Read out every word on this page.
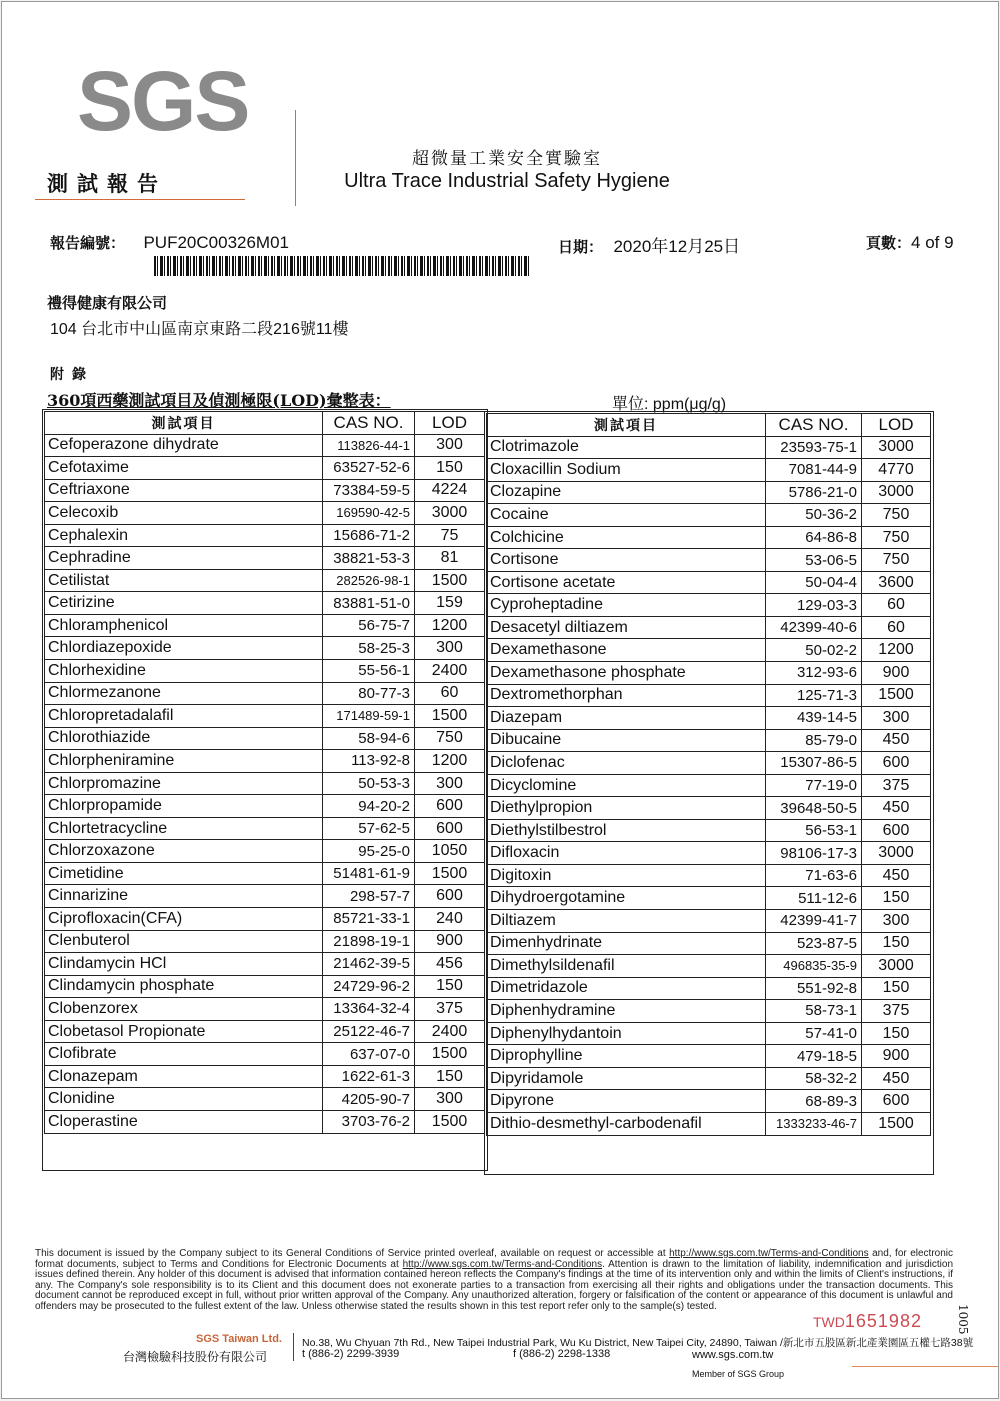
SGS
測試報告
超微量工業安全實驗室
Ultra Trace Industrial Safety Hygiene
報告編號： PUF20C00326M01	日期： 2020年12月25日	頁數：4 of 9
禮得健康有限公司
104 台北市中山區南京東路二段216號11樓
附錄
360項西藥測試項目及偵測極限(LOD)彙整表：	單位: ppm(μg/g)
測試項目	CAS NO.	LOD
Cefoperazone dihydrate	113826-44-1	300
Cefotaxime	63527-52-6	150
Ceftriaxone	73384-59-5	4224
Celecoxib	169590-42-5	3000
Cephalexin	15686-71-2	75
Cephradine	38821-53-3	81
Cetilistat	282526-98-1	1500
Cetirizine	83881-51-0	159
Chloramphenicol	56-75-7	1200
Chlordiazepoxide	58-25-3	300
Chlorhexidine	55-56-1	2400
Chlormezanone	80-77-3	60
Chloropretadalafil	171489-59-1	1500
Chlorothiazide	58-94-6	750
Chlorpheniramine	113-92-8	1200
Chlorpromazine	50-53-3	300
Chlorpropamide	94-20-2	600
Chlortetracycline	57-62-5	600
Chlorzoxazone	95-25-0	1050
Cimetidine	51481-61-9	1500
Cinnarizine	298-57-7	600
Ciprofloxacin(CFA)	85721-33-1	240
Clenbuterol	21898-19-1	900
Clindamycin HCl	21462-39-5	456
Clindamycin phosphate	24729-96-2	150
Clobenzorex	13364-32-4	375
Clobetasol Propionate	25122-46-7	2400
Clofibrate	637-07-0	1500
Clonazepam	1622-61-3	150
Clonidine	4205-90-7	300
Cloperastine	3703-76-2	1500
測試項目	CAS NO.	LOD
Clotrimazole	23593-75-1	3000
Cloxacillin Sodium	7081-44-9	4770
Clozapine	5786-21-0	3000
Cocaine	50-36-2	750
Colchicine	64-86-8	750
Cortisone	53-06-5	750
Cortisone acetate	50-04-4	3600
Cyproheptadine	129-03-3	60
Desacetyl diltiazem	42399-40-6	60
Dexamethasone	50-02-2	1200
Dexamethasone phosphate	312-93-6	900
Dextromethorphan	125-71-3	1500
Diazepam	439-14-5	300
Dibucaine	85-79-0	450
Diclofenac	15307-86-5	600
Dicyclomine	77-19-0	375
Diethylpropion	39648-50-5	450
Diethylstilbestrol	56-53-1	600
Difloxacin	98106-17-3	3000
Digitoxin	71-63-6	450
Dihydroergotamine	511-12-6	150
Diltiazem	42399-41-7	300
Dimenhydrinate	523-87-5	150
Dimethylsildenafil	496835-35-9	3000
Dimetridazole	551-92-8	150
Diphenhydramine	58-73-1	375
Diphenylhydantoin	57-41-0	150
Diprophylline	479-18-5	900
Dipyridamole	58-32-2	450
Dipyrone	68-89-3	600
Dithio-desmethyl-carbodenafil	1333233-46-7	1500
This document is issued by the Company subject to its General Conditions of Service printed overleaf, available on request or accessible at http://www.sgs.com.tw/Terms-and-Conditions and, for electronic format documents, subject to Terms and Conditions for Electronic Documents at http://www.sgs.com.tw/Terms-and-Conditions. Attention is drawn to the limitation of liability, indemnification and jurisdiction issues defined therein. Any holder of this document is advised that information contained hereon reflects the Company's findings at the time of its intervention only and within the limits of Client's instructions, if any. The Company's sole responsibility is to its Client and this document does not exonerate parties to a transaction from exercising all their rights and obligations under the transaction documents. This document cannot be reproduced except in full, without prior written approval of the Company. Any unauthorized alteration, forgery or falsification of the content or appearance of this document is unlawful and offenders may be prosecuted to the fullest extent of the law. Unless otherwise stated the results shown in this test report refer only to the sample(s) tested.
TWD1651982	1005
SGS Taiwan Ltd.
台灣檢驗科技股份有限公司
No.38, Wu Chyuan 7th Rd., New Taipei Industrial Park, Wu Ku District, New Taipei City, 24890, Taiwan /新北市五股區新北產業園區五權七路38號
t (886-2) 2299-3939	f (886-2) 2298-1338	www.sgs.com.tw
Member of SGS Group
